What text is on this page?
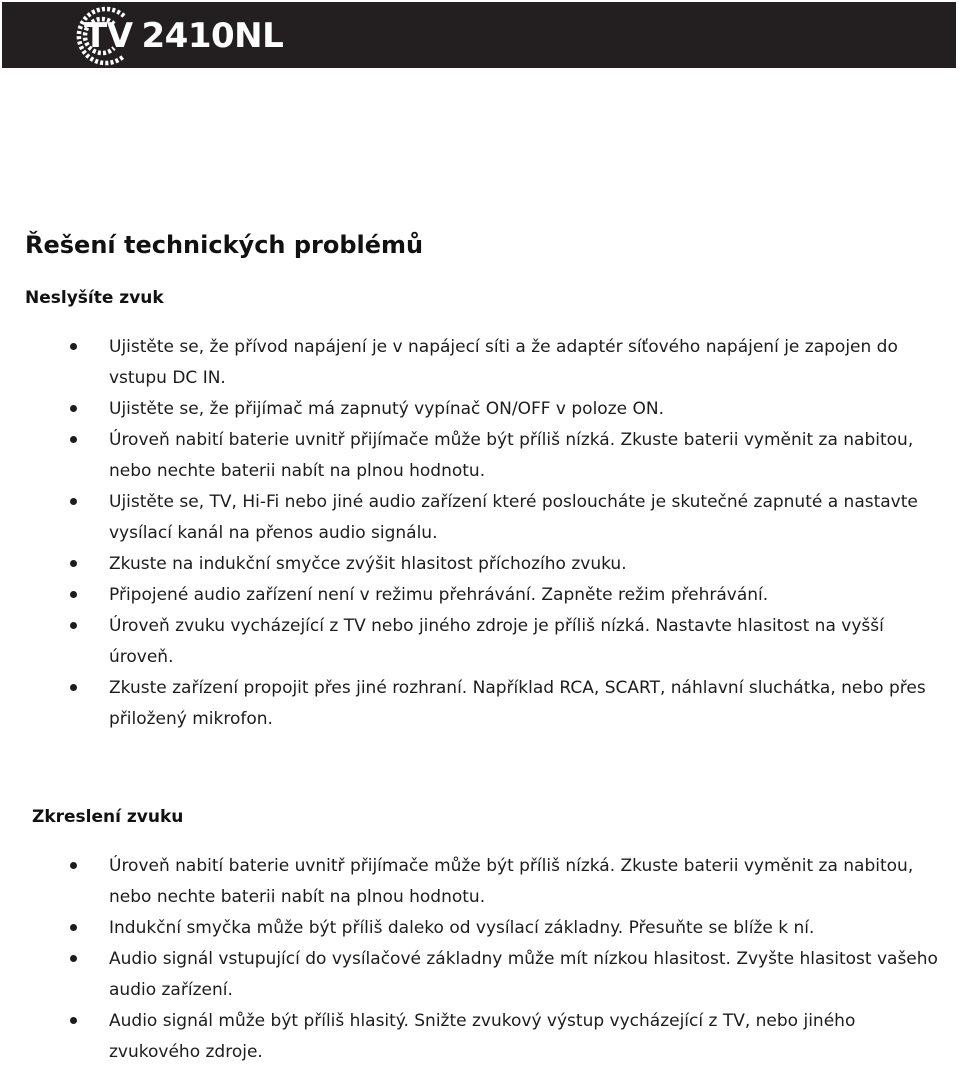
TV 2410NL
Řešení technických problémů
Neslyšíte zvuk
Ujistěte se, že přívod napájení je v napájecí síti a že adaptér síťového napájení je zapojen do vstupu DC IN.
Ujistěte se, že přijímač má zapnutý vypínač ON/OFF v poloze ON.
Úroveň nabití baterie uvnitř přijímače může být příliš nízká. Zkuste baterii vyměnit za nabitou, nebo nechte baterii nabít na plnou hodnotu.
Ujistěte se, TV, Hi-Fi nebo jiné audio zařízení které posloucháte je skutečné zapnuté a nastavte vysílací kanál na přenos audio signálu.
Zkuste na indukční smyčce zvýšit hlasitost příchozího zvuku.
Připojené audio zařízení není v režimu přehrávání. Zapněte režim přehrávání.
Úroveň zvuku vycházející z TV nebo jiného zdroje je příliš nízká. Nastavte hlasitost na vyšší úroveň.
Zkuste zařízení propojit přes jiné rozhraní. Například RCA, SCART, náhlavní sluchátka, nebo přes přiložený mikrofon.
Zkreslení zvuku
Úroveň nabití baterie uvnitř přijímače může být příliš nízká. Zkuste baterii vyměnit za nabitou, nebo nechte baterii nabít na plnou hodnotu.
Indukční smyčka může být příliš daleko od vysílací základny. Přesuňte se blíže k ní.
Audio signál vstupující do vysílačové základny může mít nízkou hlasitost. Zvyšte hlasitost vašeho audio zařízení.
Audio signál může být příliš hlasitý. Snižte zvukový výstup vycházející z TV, nebo jiného zvukového zdroje.
